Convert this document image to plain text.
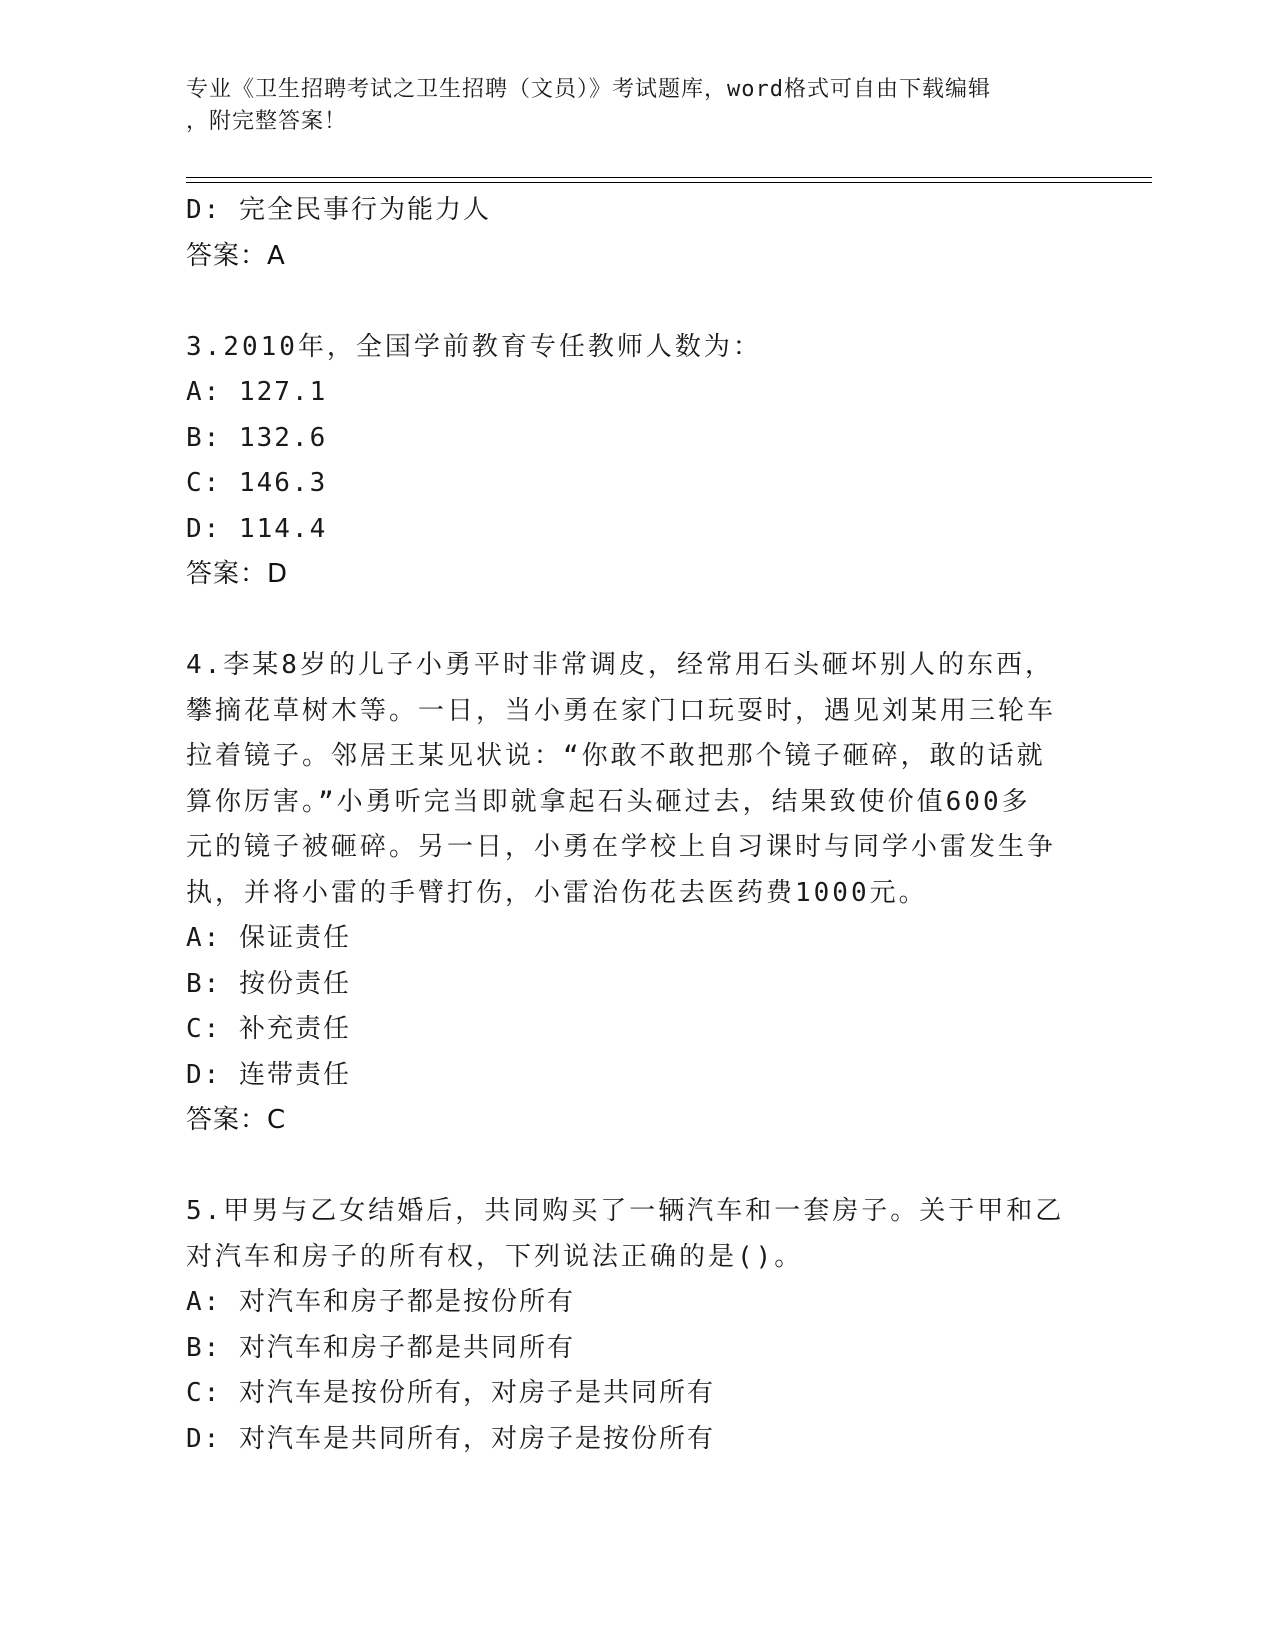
专业《卫生招聘考试之卫生招聘（文员）》考试题库，word格式可自由下载编辑
，附完整答案！
D: 完全民事行为能力人
答案：A
3.2010年，全国学前教育专任教师人数为：
A: 127.1
B: 132.6
C: 146.3
D: 114.4
答案：D
4.李某8岁的儿子小勇平时非常调皮，经常用石头砸坏别人的东西，
攀摘花草树木等。一日，当小勇在家门口玩耍时，遇见刘某用三轮车
拉着镜子。邻居王某见状说：“你敢不敢把那个镜子砸碎，敢的话就
算你厉害。”小勇听完当即就拿起石头砸过去，结果致使价值600多
元的镜子被砸碎。另一日，小勇在学校上自习课时与同学小雷发生争
执，并将小雷的手臂打伤，小雷治伤花去医药费1000元。
A: 保证责任
B: 按份责任
C: 补充责任
D: 连带责任
答案：C
5.甲男与乙女结婚后，共同购买了一辆汽车和一套房子。关于甲和乙
对汽车和房子的所有权，下列说法正确的是()。
A: 对汽车和房子都是按份所有
B: 对汽车和房子都是共同所有
C: 对汽车是按份所有，对房子是共同所有
D: 对汽车是共同所有，对房子是按份所有
